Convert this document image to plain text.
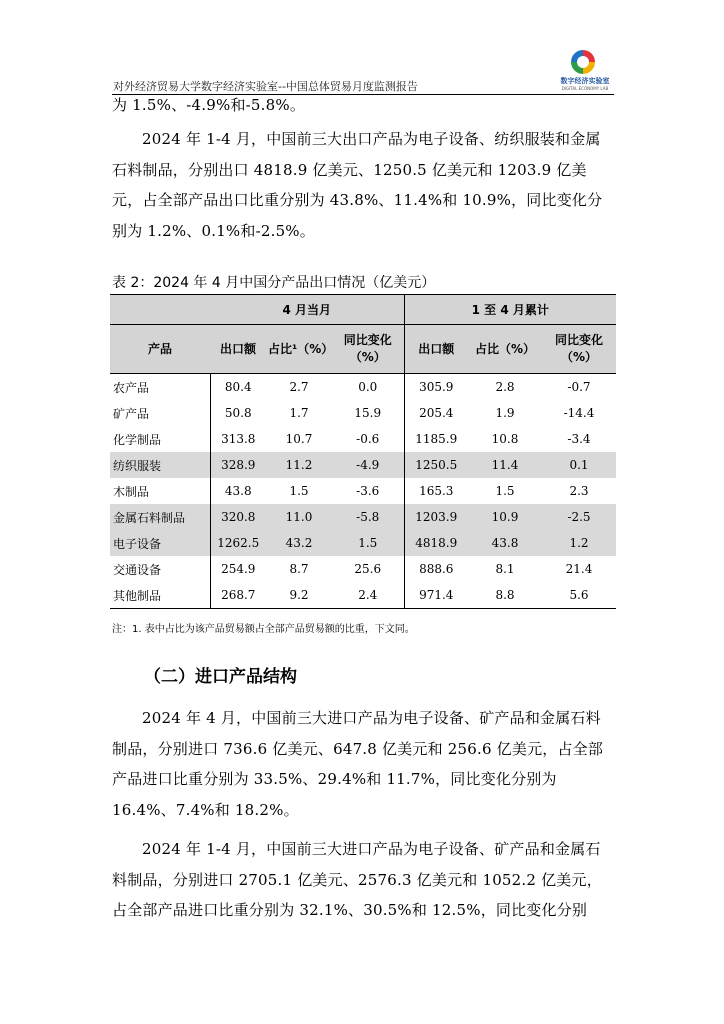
对外经济贸易大学数字经济实验室--中国总体贸易月度监测报告	数字经济实验室
DIGITAL ECONOMY LAB
为 1.5%、-4.9%和-5.8%。
2024 年 1-4 月，中国前三大出口产品为电子设备、纺织服装和金属石料制品，分别出口 4818.9 亿美元、1250.5 亿美元和 1203.9 亿美元，占全部产品出口比重分别为 43.8%、11.4%和 10.9%，同比变化分别为 1.2%、0.1%和-2.5%。
表 2：2024 年 4 月中国分产品出口情况（亿美元）
	4 月当月			1 至 4 月累计		
产品	出口额	占比¹（%）	同比变化（%）	出口额	占比（%）	同比变化（%）
农产品	80.4	2.7	0.0	305.9	2.8	-0.7
矿产品	50.8	1.7	15.9	205.4	1.9	-14.4
化学制品	313.8	10.7	-0.6	1185.9	10.8	-3.4
纺织服装	328.9	11.2	-4.9	1250.5	11.4	0.1
木制品	43.8	1.5	-3.6	165.3	1.5	2.3
金属石料制品	320.8	11.0	-5.8	1203.9	10.9	-2.5
电子设备	1262.5	43.2	1.5	4818.9	43.8	1.2
交通设备	254.9	8.7	25.6	888.6	8.1	21.4
其他制品	268.7	9.2	2.4	971.4	8.8	5.6
注：1. 表中占比为该产品贸易额占全部产品贸易额的比重，下文同。
（二）进口产品结构
2024 年 4 月，中国前三大进口产品为电子设备、矿产品和金属石料制品，分别进口 736.6 亿美元、647.8 亿美元和 256.6 亿美元，占全部产品进口比重分别为 33.5%、29.4%和 11.7%，同比变化分别为 16.4%、7.4%和 18.2%。
2024 年 1-4 月，中国前三大进口产品为电子设备、矿产品和金属石料制品，分别进口 2705.1 亿美元、2576.3 亿美元和 1052.2 亿美元，占全部产品进口比重分别为 32.1%、30.5%和 12.5%，同比变化分别
